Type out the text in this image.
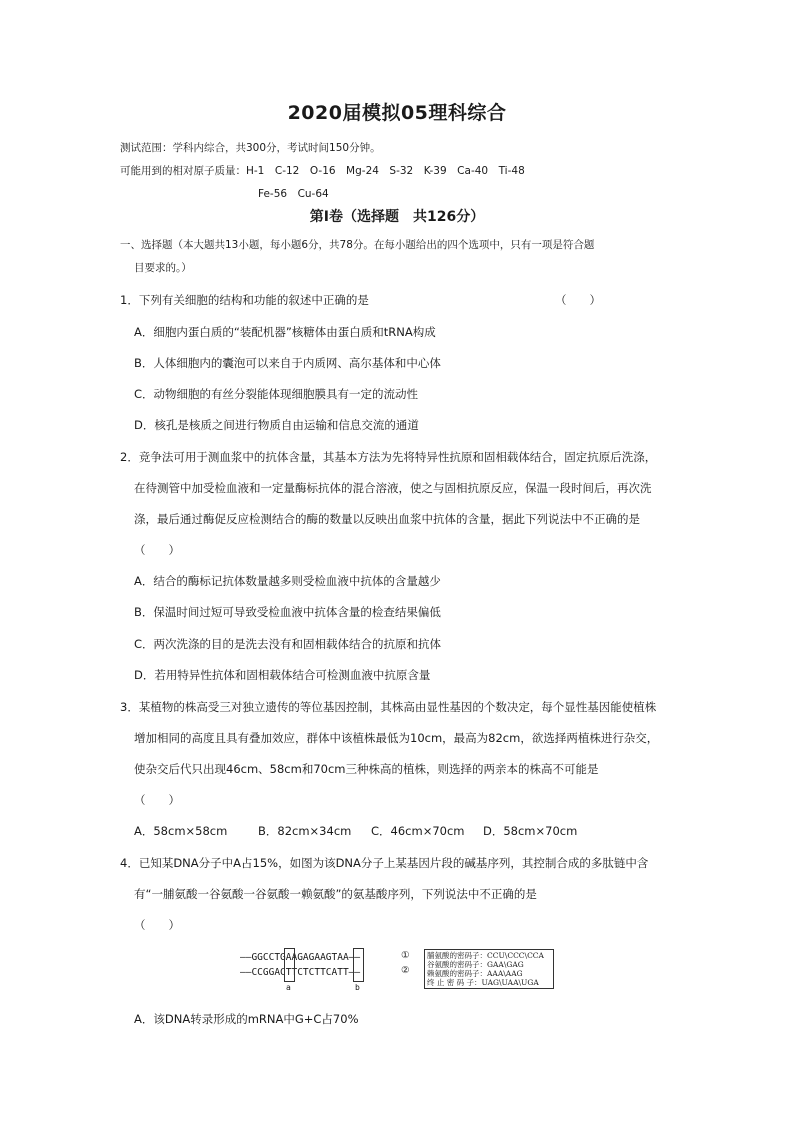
2020届模拟05理科综合
测试范围：学科内综合，共300分，考试时间150分钟。
可能用到的相对原子质量：H-1　C-12　O-16　Mg-24　S-32　K-39　Ca-40　Ti-48
Fe-56　Cu-64
第Ⅰ卷（选择题　共126分）
一、选择题（本大题共13小题，每小题6分，共78分。在每小题给出的四个选项中，只有一项是符合题
目要求的。）
1．下列有关细胞的结构和功能的叙述中正确的是	（　　）
A．细胞内蛋白质的“装配机器”核糖体由蛋白质和tRNA构成
B．人体细胞内的囊泡可以来自于内质网、高尔基体和中心体
C．动物细胞的有丝分裂能体现细胞膜具有一定的流动性
D．核孔是核质之间进行物质自由运输和信息交流的通道
2．竞争法可用于测血浆中的抗体含量，其基本方法为先将特异性抗原和固相载体结合，固定抗原后洗涤，
在待测管中加受检血液和一定量酶标抗体的混合溶液，使之与固相抗原反应，保温一段时间后，再次洗
涤，最后通过酶促反应检测结合的酶的数量以反映出血浆中抗体的含量，据此下列说法中不正确的是
（　　）
A．结合的酶标记抗体数量越多则受检血液中抗体的含量越少
B．保温时间过短可导致受检血液中抗体含量的检查结果偏低
C．两次洗涤的目的是洗去没有和固相载体结合的抗原和抗体
D．若用特异性抗体和固相载体结合可检测血液中抗原含量
3．某植物的株高受三对独立遗传的等位基因控制，其株高由显性基因的个数决定，每个显性基因能使植株
增加相同的高度且具有叠加效应，群体中该植株最低为10cm，最高为82cm，欲选择两植株进行杂交，
使杂交后代只出现46cm、58cm和70cm三种株高的植株，则选择的两亲本的株高不可能是
（　　）
A．58cm×58cm	B．82cm×34cm C．46cm×70cm D．58cm×70cm
4．已知某DNA分子中A占15%，如图为该DNA分子上某基因片段的碱基序列，其控制合成的多肽链中含
有“一脯氨酸一谷氨酸一谷氨酸一赖氨酸”的氨基酸序列，下列说法中不正确的是
（　　）
——GGCCTGAAGAGAAGTAA——
——CCGGACTTCTCTTCATT——
①
②
a	b
脯氨酸的密码子：CCU\CCC\CCA
谷氨酸的密码子：GAA\GAG
赖氨酸的密码子：AAA\AAG
终 止 密 码 子：UAG\UAA\UGA
A．该DNA转录形成的mRNA中G+C占70%
